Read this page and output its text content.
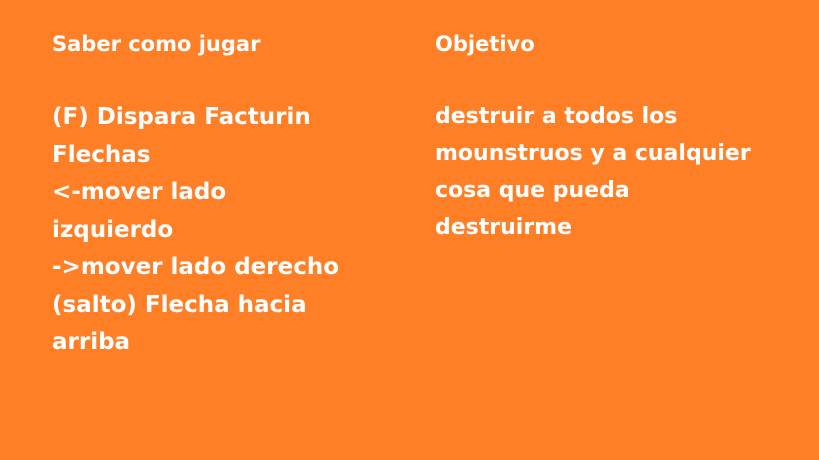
Saber como jugar
(F) Dispara Facturin
Flechas
<-mover lado
izquierdo
->mover lado derecho
(salto) Flecha hacia
arriba
Objetivo
destruir a todos los
mounstruos y a cualquier
cosa que pueda
destruirme
